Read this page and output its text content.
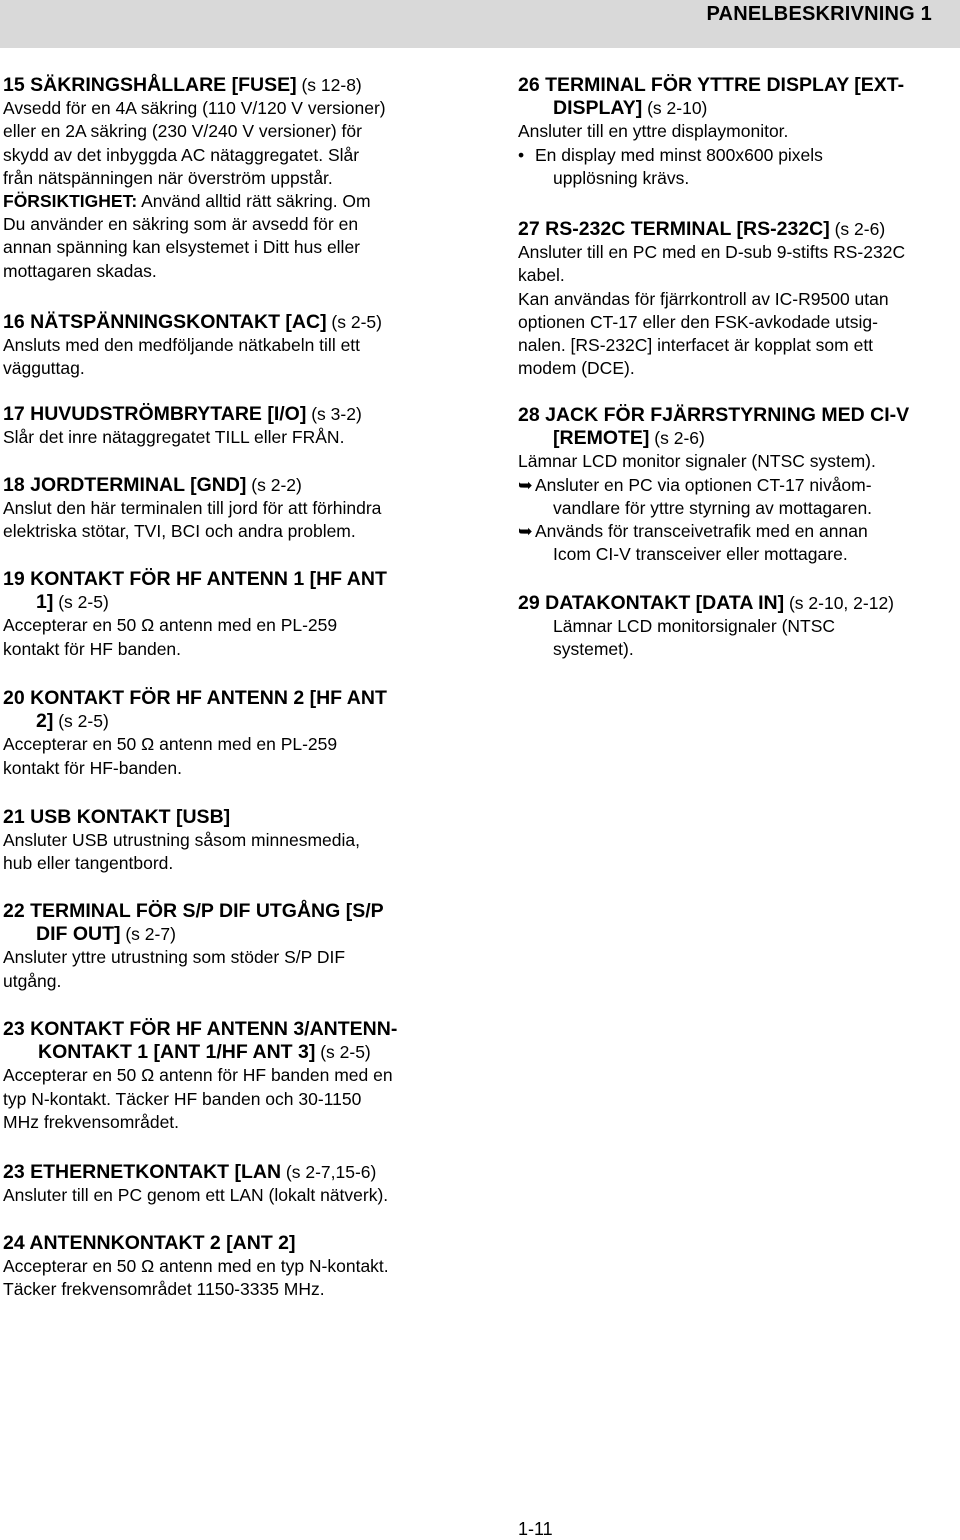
PANELBESKRIVNING 1
15 SÄKRINGSHÅLLARE [FUSE] (s 12-8)
Avsedd för en 4A säkring (110 V/120 V versioner)
eller en 2A säkring (230 V/240 V versioner) för
skydd av det inbyggda AC nätaggregatet. Slår
från nätspänningen när överström uppstår.
FÖRSIKTIGHET: Använd alltid rätt säkring. Om
Du använder en säkring som är avsedd för en
annan spänning kan elsystemet i Ditt hus eller
mottagaren skadas.
16 NÄTSPÄNNINGSKONTAKT [AC] (s 2-5)
Ansluts med den medföljande nätkabeln till ett
vägguttag.
17 HUVUDSTRÖMBRYTARE [I/O] (s 3-2)
Slår det inre nätaggregatet TILL eller FRÅN.
18 JORDTERMINAL [GND] (s 2-2)
Anslut den här terminalen till jord för att förhindra
elektriska stötar, TVI, BCI och andra problem.
19 KONTAKT FÖR HF ANTENN 1 [HF ANT
1] (s 2-5)
Accepterar en 50 Ω antenn med en PL-259
kontakt för HF banden.
20 KONTAKT FÖR HF ANTENN 2 [HF ANT
2] (s 2-5)
Accepterar en 50 Ω antenn med en PL-259
kontakt för HF-banden.
21 USB KONTAKT [USB]
Ansluter USB utrustning såsom minnesmedia,
hub eller tangentbord.
22 TERMINAL FÖR S/P DIF UTGÅNG [S/P
DIF OUT] (s 2-7)
Ansluter yttre utrustning som stöder S/P DIF
utgång.
23 KONTAKT FÖR HF ANTENN 3/ANTENN-
KONTAKT 1 [ANT 1/HF ANT 3] (s 2-5)
Accepterar en 50 Ω antenn för HF banden med en
typ N-kontakt. Täcker HF banden och 30-1150
MHz frekvensområdet.
23 ETHERNETKONTAKT [LAN (s 2-7,15-6)
Ansluter till en PC genom ett LAN (lokalt nätverk).
24 ANTENNKONTAKT 2 [ANT 2]
Accepterar en 50 Ω antenn med en typ N-kontakt.
Täcker frekvensområdet 1150-3335 MHz.
26 TERMINAL FÖR YTTRE DISPLAY [EXT-
DISPLAY] (s 2-10)
Ansluter till en yttre displaymonitor.
• En display med minst 800x600 pixels
upplösning krävs.
27 RS-232C TERMINAL [RS-232C] (s 2-6)
Ansluter till en PC med en D-sub 9-stifts RS-232C
kabel.
Kan användas för fjärrkontroll av IC-R9500 utan
optionen CT-17 eller den FSK-avkodade utsig-
nalen. [RS-232C] interfacet är kopplat som ett
modem (DCE).
28 JACK FÖR FJÄRRSTYRNING MED CI-V
[REMOTE] (s 2-6)
Lämnar LCD monitor signaler (NTSC system).
➥ Ansluter en PC via optionen CT-17 nivåom-
vandlare för yttre styrning av mottagaren.
➥ Används för transceivetrafik med en annan
Icom CI-V transceiver eller mottagare.
29 DATAKONTAKT [DATA IN] (s 2-10, 2-12)
Lämnar LCD monitorsignaler (NTSC
systemet).
1-11
